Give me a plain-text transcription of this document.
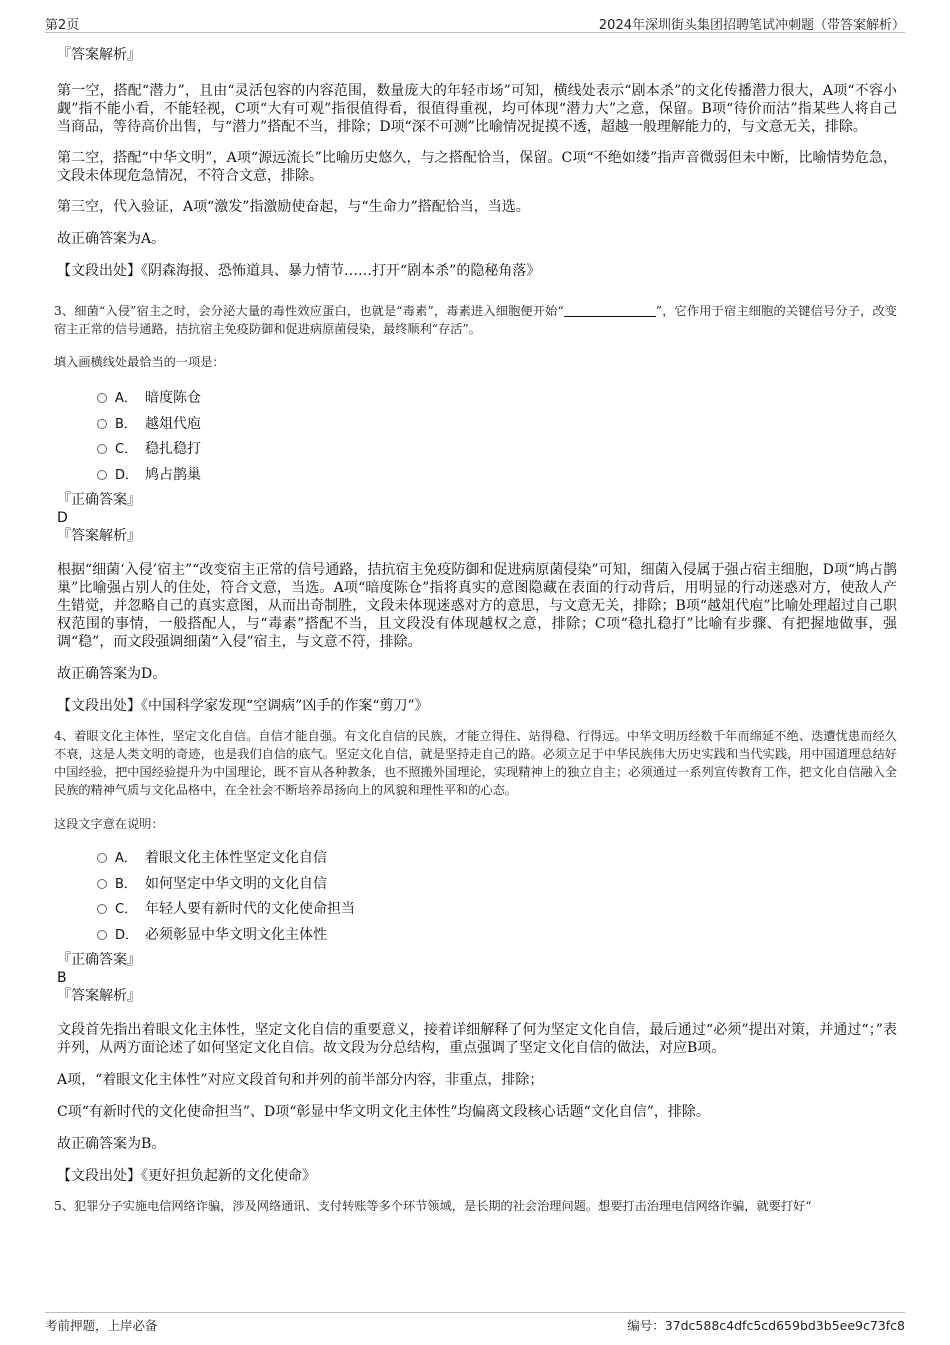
第2页	2024年深圳街头集团招聘笔试冲刺题（带答案解析）

『答案解析』

第一空，搭配“潜力”，且由“灵活包容的内容范围，数量庞大的年轻市场”可知，横线处表示“剧本杀”的文化传播潜力很大，A项“不容小觑”指不能小看，不能轻视，C项“大有可观”指很值得看，很值得重视，均可体现“潜力大”之意，保留。B项“待价而沽”指某些人将自己当商品，等待高价出售，与“潜力”搭配不当，排除；D项“深不可测”比喻情况捉摸不透，超越一般理解能力的，与文意无关，排除。

第二空，搭配“中华文明”，A项“源远流长”比喻历史悠久，与之搭配恰当，保留。C项“不绝如缕”指声音微弱但未中断，比喻情势危急，文段未体现危急情况，不符合文意，排除。

第三空，代入验证，A项“激发”指激励使奋起，与“生命力”搭配恰当，当选。

故正确答案为A。

【文段出处】《阴森海报、恐怖道具、暴力情节……打开“剧本杀”的隐秘角落》

3、细菌“入侵”宿主之时，会分泌大量的毒性效应蛋白，也就是“毒素”，毒素进入细胞便开始“	”，它作用于宿主细胞的关键信号分子，改变宿主正常的信号通路，拮抗宿主免疫防御和促进病原菌侵染，最终顺利“存活”。

填入画横线处最恰当的一项是：

A． 暗度陈仓
B． 越俎代庖
C． 稳扎稳打
D． 鸠占鹊巢

『正确答案』

D

『答案解析』

根据“细菌‘入侵’宿主”“改变宿主正常的信号通路，拮抗宿主免疫防御和促进病原菌侵染”可知，细菌入侵属于强占宿主细胞，D项“鸠占鹊巢”比喻强占别人的住处，符合文意，当选。A项“暗度陈仓”指将真实的意图隐藏在表面的行动背后，用明显的行动迷惑对方，使敌人产生错觉，并忽略自己的真实意图，从而出奇制胜，文段未体现迷惑对方的意思，与文意无关，排除；B项“越俎代庖”比喻处理超过自己职权范围的事情，一般搭配人，与“毒素”搭配不当，且文段没有体现越权之意，排除；C项“稳扎稳打”比喻有步骤、有把握地做事，强调“稳”，而文段强调细菌“入侵”宿主，与文意不符，排除。

故正确答案为D。

【文段出处】《中国科学家发现“空调病”凶手的作案“剪刀”》

4、着眼文化主体性，坚定文化自信。自信才能自强。有文化自信的民族，才能立得住、站得稳、行得远。中华文明历经数千年而绵延不绝、迭遭忧患而经久不衰，这是人类文明的奇迹，也是我们自信的底气。坚定文化自信，就是坚持走自己的路。必须立足于中华民族伟大历史实践和当代实践，用中国道理总结好中国经验，把中国经验提升为中国理论，既不盲从各种教条，也不照搬外国理论，实现精神上的独立自主；必须通过一系列宣传教育工作，把文化自信融入全民族的精神气质与文化品格中，在全社会不断培养昂扬向上的风貌和理性平和的心态。

这段文字意在说明：

A． 着眼文化主体性坚定文化自信
B． 如何坚定中华文明的文化自信
C． 年轻人要有新时代的文化使命担当
D． 必须彰显中华文明文化主体性

『正确答案』

B

『答案解析』

文段首先指出着眼文化主体性，坚定文化自信的重要意义，接着详细解释了何为坚定文化自信，最后通过“必须”提出对策，并通过“；”表并列，从两方面论述了如何坚定文化自信。故文段为分总结构，重点强调了坚定文化自信的做法，对应B项。

A项，“着眼文化主体性”对应文段首句和并列的前半部分内容，非重点，排除；

C项“有新时代的文化使命担当”、D项“彰显中华文明文化主体性”均偏离文段核心话题“文化自信”，排除。

故正确答案为B。

【文段出处】《更好担负起新的文化使命》

5、犯罪分子实施电信网络诈骗，涉及网络通讯、支付转账等多个环节领域，是长期的社会治理问题。想要打击治理电信网络诈骗，就要打好“

考前押题，上岸必备	编号：37dc588c4dfc5cd659bd3b5ee9c73fc8
